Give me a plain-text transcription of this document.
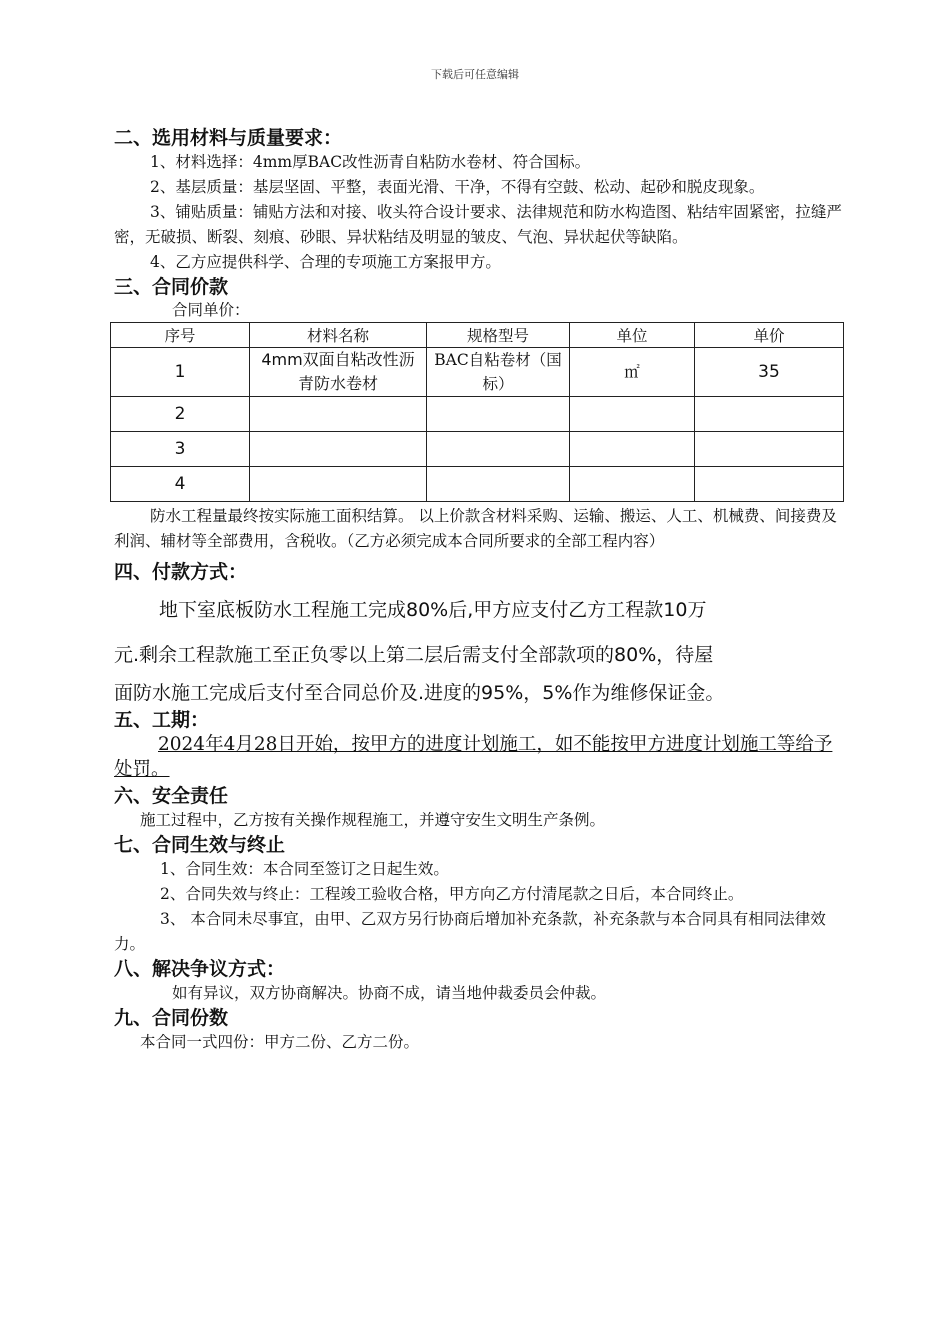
下载后可任意编辑

二、选用材料与质量要求：

1、材料选择：4mm厚BAC改性沥青自粘防水卷材、符合国标。

2、基层质量：基层坚固、平整，表面光滑、干净，不得有空鼓、松动、起砂和脱皮现象。

3、铺贴质量：铺贴方法和对接、收头符合设计要求、法律规范和防水构造图、粘结牢固紧密，拉缝严密，无破损、断裂、刻痕、砂眼、异状粘结及明显的皱皮、气泡、异状起伏等缺陷。

4、乙方应提供科学、合理的专项施工方案报甲方。

三、合同价款

合同单价：

序号	材料名称	规格型号	单位	单价
1	4mm双面自粘改性沥青防水卷材	BAC自粘卷材（国标）	㎡	35
2				
3				
4				

防水工程量最终按实际施工面积结算。 以上价款含材料采购、运输、搬运、人工、机械费、间接费及利润、辅材等全部费用，含税收。（乙方必须完成本合同所要求的全部工程内容）

四、付款方式：

地下室底板防水工程施工完成80%后,甲方应支付乙方工程款10万

元.剩余工程款施工至正负零以上第二层后需支付全部款项的80%，待屋

面防水施工完成后支付至合同总价及.进度的95%，5%作为维修保证金。

五、工期：

2024年4月28日开始，按甲方的进度计划施工，如不能按甲方进度计划施工等给予处罚。

六、安全责任

施工过程中，乙方按有关操作规程施工，并遵守安生文明生产条例。

七、合同生效与终止

1、合同生效：本合同至签订之日起生效。

2、合同失效与终止：工程竣工验收合格，甲方向乙方付清尾款之日后，本合同终止。

3、 本合同未尽事宜，由甲、乙双方另行协商后增加补充条款，补充条款与本合同具有相同法律效力。

八、解决争议方式：

如有异议，双方协商解决。协商不成，请当地仲裁委员会仲裁。

九、合同份数

本合同一式四份：甲方二份、乙方二份。
